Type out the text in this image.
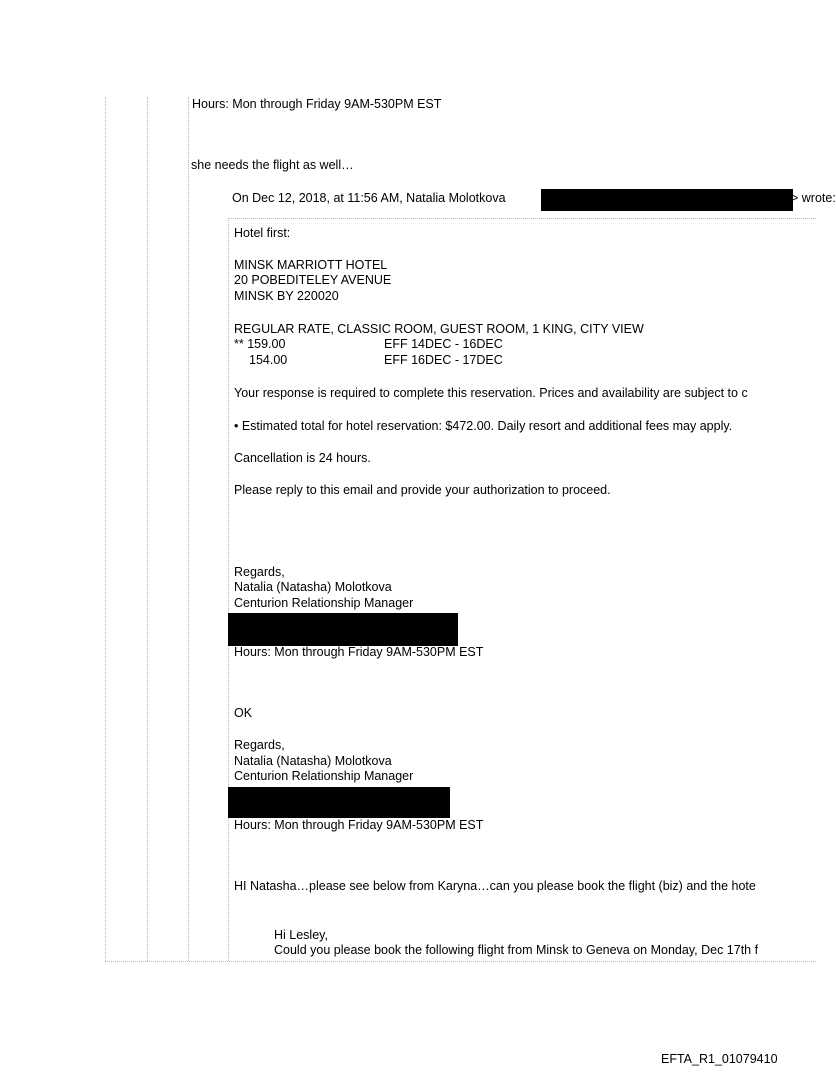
Hours: Mon through Friday 9AM-530PM EST
she needs the flight as well…
On Dec 12, 2018, at 11:56 AM, Natalia Molotkova	> wrote:
Hotel first:
MINSK MARRIOTT HOTEL
20 POBEDITELEY AVENUE
MINSK BY 220020
REGULAR RATE, CLASSIC ROOM, GUEST ROOM, 1 KING, CITY VIEW
** 159.00	EFF 14DEC - 16DEC
154.00	EFF 16DEC - 17DEC
Your response is required to complete this reservation. Prices and availability are subject to c
• Estimated total for hotel reservation: $472.00. Daily resort and additional fees may apply.
Cancellation is 24 hours.
Please reply to this email and provide your authorization to proceed.
Regards,
Natalia (Natasha) Molotkova
Centurion Relationship Manager
Hours: Mon through Friday 9AM-530PM EST
OK
Regards,
Natalia (Natasha) Molotkova
Centurion Relationship Manager
Hours: Mon through Friday 9AM-530PM EST
HI Natasha…please see below from Karyna…can you please book the flight (biz) and the hote
Hi Lesley,
Could you please book the following flight from Minsk to Geneva on Monday, Dec 17th f
EFTA_R1_01079410
